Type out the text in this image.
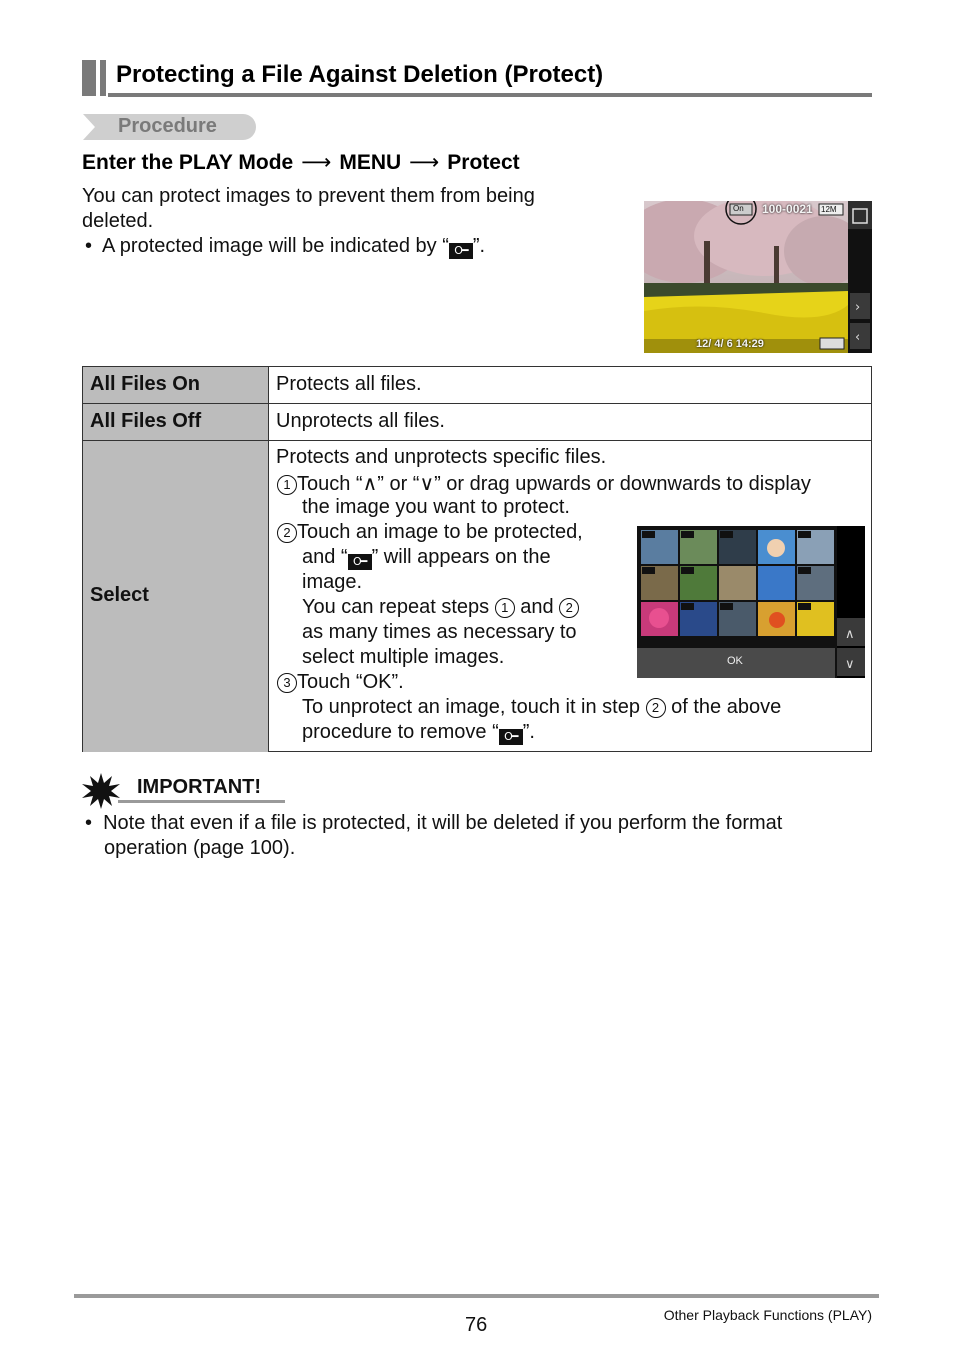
Protecting a File Against Deletion (Protect)
Procedure
Enter the PLAY Mode ⟶ MENU ⟶ Protect
You can protect images to prevent them from being
deleted.
•  A protected image will be indicated by “ O━ ”.
›
‹
On 100-0021 12M
12/ 4/ 6 14:29
All Files On	Protects all files.
All Files Off	Unprotects all files.
Select
Protects and unprotects specific files.
1 Touch “∧” or “∨” or drag upwards or downwards to display
the image you want to protect.
2 Touch an image to be protected,
and “ O━ ” will appears on the
image.
You can repeat steps 1 and 2
as many times as necessary to
select multiple images.
3 Touch “OK”.
To unprotect an image, touch it in step 2 of the above
procedure to remove “ O━ ”.
∧
∨
OK
IMPORTANT!
•  Note that even if a file is protected, it will be deleted if you perform the format
operation (page 100).
76	Other Playback Functions (PLAY)
